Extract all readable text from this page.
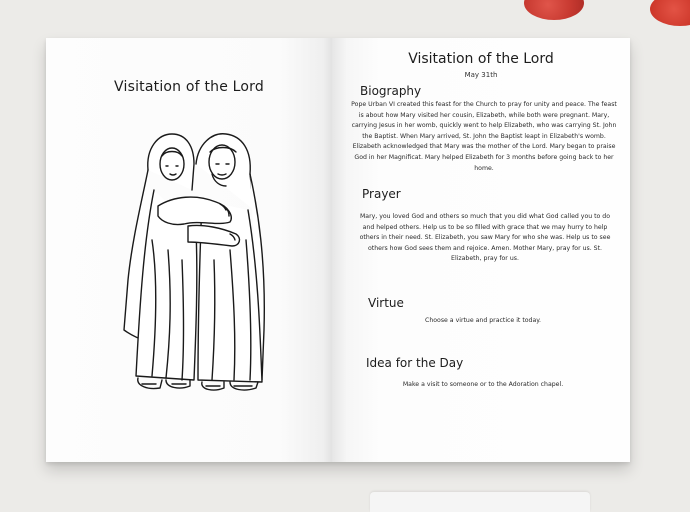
Visitation of the Lord
Visitation of the Lord
May 31th
Biography
Pope Urban VI created this feast for the Church to pray for unity and peace. The feast is about how Mary visited her cousin, Elizabeth, while both were pregnant. Mary, carrying Jesus in her womb, quickly went to help Elizabeth, who was carrying St. John the Baptist. When Mary arrived, St. John the Baptist leapt in Elizabeth's womb. Elizabeth acknowledged that Mary was the mother of the Lord. Mary began to praise God in her Magnificat. Mary helped Elizabeth for 3 months before going back to her home.
Prayer
Mary, you loved God and others so much that you did what God called you to do and helped others. Help us to be so filled with grace that we may hurry to help others in their need. St. Elizabeth, you saw Mary for who she was. Help us to see others how God sees them and rejoice. Amen. Mother Mary, pray for us. St. Elizabeth, pray for us.
Virtue
Choose a virtue and practice it today.
Idea for the Day
Make a visit to someone or to the Adoration chapel.
